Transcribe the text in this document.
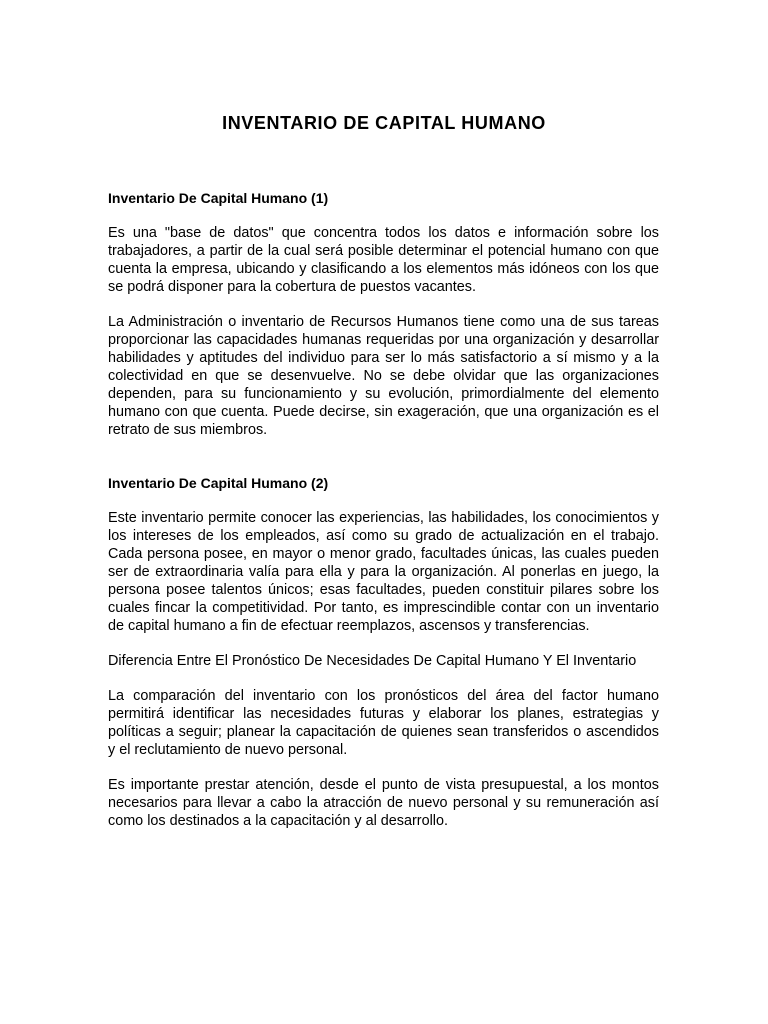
INVENTARIO DE CAPITAL HUMANO

Inventario De Capital Humano (1)

Es una "base de datos" que concentra todos los datos e información sobre los trabajadores, a partir de la cual será posible determinar el potencial humano con que cuenta la empresa, ubicando y clasificando a los elementos más idóneos con los que se podrá disponer para la cobertura de puestos vacantes.

La Administración o inventario de Recursos Humanos tiene como una de sus tareas proporcionar las capacidades humanas requeridas por una organización y desarrollar habilidades y aptitudes del individuo para ser lo más satisfactorio a sí mismo y a la colectividad en que se desenvuelve. No se debe olvidar que las organizaciones dependen, para su funcionamiento y su evolución, primordialmente del elemento humano con que cuenta. Puede decirse, sin exageración, que una organización es el retrato de sus miembros.

Inventario De Capital Humano (2)

Este inventario permite conocer las experiencias, las habilidades, los conocimientos y los intereses de los empleados, así como su grado de actualización en el trabajo. Cada persona posee, en mayor o menor grado, facultades únicas, las cuales pueden ser de extraordinaria valía para ella y para la organización. Al ponerlas en juego, la persona posee talentos únicos; esas facultades, pueden constituir pilares sobre los cuales fincar la competitividad. Por tanto, es imprescindible contar con un inventario de capital humano a fin de efectuar reemplazos, ascensos y transferencias.

Diferencia Entre El Pronóstico De Necesidades De Capital Humano Y El Inventario

La comparación del inventario con los pronósticos del área del factor humano permitirá identificar las necesidades futuras y elaborar los planes, estrategias y políticas a seguir; planear la capacitación de quienes sean transferidos o ascendidos y el reclutamiento de nuevo personal.

Es importante prestar atención, desde el punto de vista presupuestal, a los montos necesarios para llevar a cabo la atracción de nuevo personal y su remuneración así como los destinados a la capacitación y al desarrollo.
